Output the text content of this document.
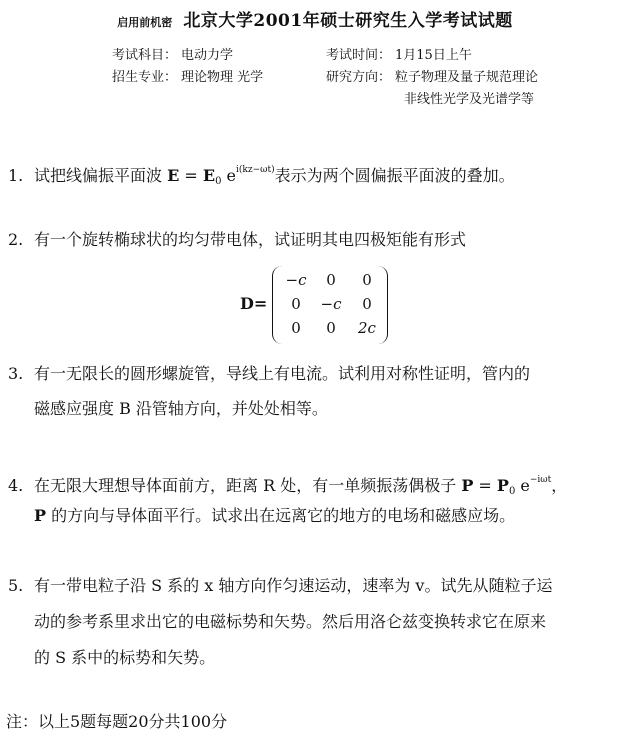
启用前机密 北京大学2001年硕士研究生入学考试试题
考试科目： 电动力学	考试时间： 1月15日上午
招生专业： 理论物理 光学	研究方向： 粒子物理及量子规范理论
非线性光学及光谱学等
1. 试把线偏振平面波 $E = E_0$ $e^{i(kz-\omega t)}$表示为两个圆偏振平面波的叠加。
2. 有一个旋转椭球状的均匀带电体，试证明其电四极矩能有形式
D=
−c	0	0
0	−c	0
0	0	2c
3. 有一无限长的圆形螺旋管，导线上有电流。试利用对称性证明，管内的
磁感应强度 B 沿管轴方向，并处处相等。
4. 在无限大理想导体面前方，距离 R 处，有一单频振荡偶极子 $P = P_0$ $e^{-i\omega t}$，
P 的方向与导体面平行。试求出在远离它的地方的电场和磁感应场。
5. 有一带电粒子沿 S 系的 x 轴方向作匀速运动，速率为 v。试先从随粒子运
动的参考系里求出它的电磁标势和矢势。然后用洛仑兹变换转求它在原来
的 S 系中的标势和矢势。
注：以上5题每题20分共100分
